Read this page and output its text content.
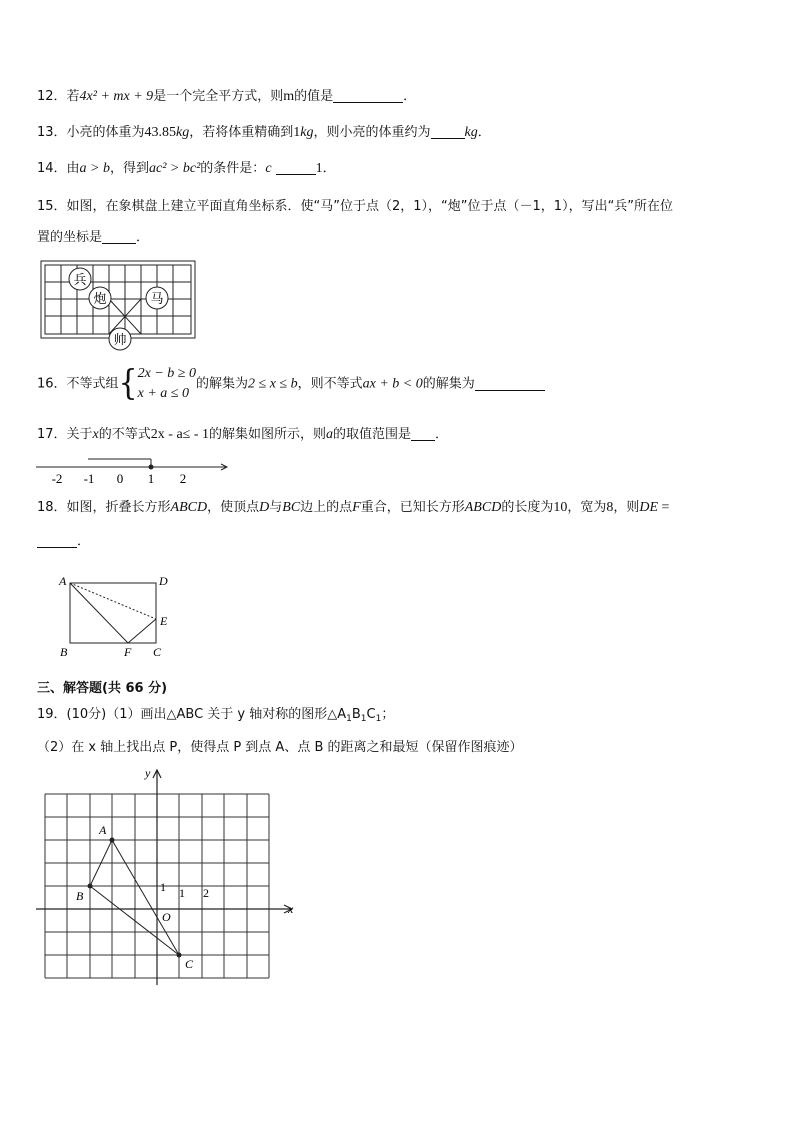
12．若4x² + mx + 9是一个完全平方式，则m的值是	．
13．小亮的体重为43.85kg，若将体重精确到1kg，则小亮的体重约为 kg．
14．由a > b，得到ac² > bc²的条件是：c	1．
15．如图，在象棋盘上建立平面直角坐标系．使“马”位于点（2，1），“炮”位于点（－1，1），写出“兵”所在位
置的坐标是	．
兵
炮	马
帅
16．不等式组{2x − b ≥ 0
x + a ≤ 0的解集为2 ≤ x ≤ b，则不等式ax + b < 0的解集为
17．关于x的不等式2x - a≤ - 1的解集如图所示，则a的取值范围是 ．
-2 -1 0 1 2
18．如图，折叠长方形ABCD，使顶点D与BC边上的点F重合，已知长方形ABCD的长度为10，宽为8，则DE =
．
A	D
E
B	F C
三、解答题(共 66 分)
19．(10分)（1）画出△ABC 关于 y 轴对称的图形$\triangle A_1B_1C_1$；
（2）在 x 轴上找出点 P，使得点 P 到点 A、点 B 的距离之和最短（保留作图痕迹）
y
x
O
A
B
C
1 1 2
